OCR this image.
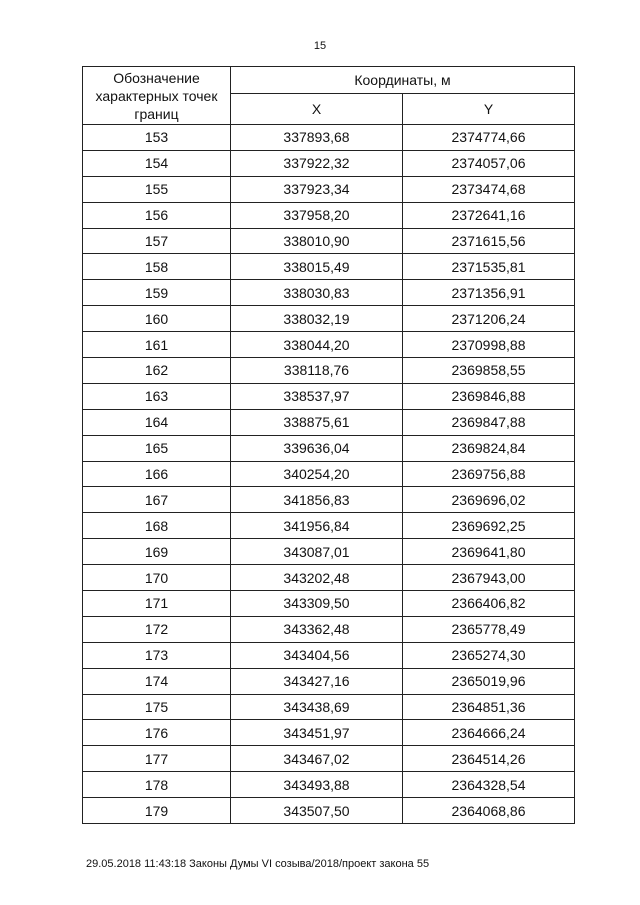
15
Обозначение характерных точек границ	Координаты, м	
	X	Y
153	337893,68	2374774,66
154	337922,32	2374057,06
155	337923,34	2373474,68
156	337958,20	2372641,16
157	338010,90	2371615,56
158	338015,49	2371535,81
159	338030,83	2371356,91
160	338032,19	2371206,24
161	338044,20	2370998,88
162	338118,76	2369858,55
163	338537,97	2369846,88
164	338875,61	2369847,88
165	339636,04	2369824,84
166	340254,20	2369756,88
167	341856,83	2369696,02
168	341956,84	2369692,25
169	343087,01	2369641,80
170	343202,48	2367943,00
171	343309,50	2366406,82
172	343362,48	2365778,49
173	343404,56	2365274,30
174	343427,16	2365019,96
175	343438,69	2364851,36
176	343451,97	2364666,24
177	343467,02	2364514,26
178	343493,88	2364328,54
179	343507,50	2364068,86
29.05.2018 11:43:18 Законы Думы VI созыва/2018/проект закона 55
